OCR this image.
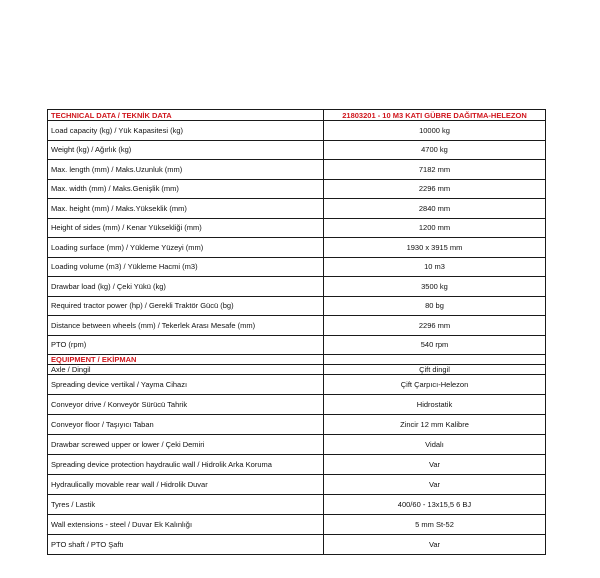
TECHNICAL DATA / TEKNİK DATA	21803201 - 10 M3 KATI GÜBRE DAĞITMA-HELEZON
Load capacity (kg) / Yük Kapasitesi (kg)	10000 kg
Weight (kg) / Ağırlık (kg)	4700 kg
Max. length (mm) / Maks.Uzunluk (mm)	7182 mm
Max. width (mm) / Maks.Genişlik (mm)	2296 mm
Max. height (mm) / Maks.Yükseklik (mm)	2840 mm
Height of sides (mm) / Kenar Yüksekliği (mm)	1200 mm
Loading surface (mm) / Yükleme Yüzeyi (mm)	1930 x 3915 mm
Loading volume (m3) / Yükleme Hacmi (m3)	10 m3
Drawbar load (kg) / Çeki Yükü (kg)	3500 kg
Required tractor power (hp) / Gerekli Traktör Gücü (bg)	80 bg
Distance between wheels (mm) / Tekerlek Arası Mesafe (mm)	2296 mm
PTO (rpm)	540 rpm
EQUIPMENT / EKİPMAN	
Axle / Dingil	Çift dingil
Spreading device vertikal / Yayma Cihazı	Çift Çarpıcı-Helezon
Conveyor drive / Konveyör Sürücü Tahrik	Hidrostatik
Conveyor floor / Taşıyıcı Taban	Zincir 12 mm Kalibre
Drawbar screwed upper or lower / Çeki Demiri	Vidalı
Spreading device protection haydraulic wall / Hidrolik Arka Koruma	Var
Hydraulically movable rear wall / Hidrolik Duvar	Var
Tyres / Lastik	400/60 - 13x15,5 6 BJ
Wall extensions - steel / Duvar Ek Kalınlığı	5 mm St-52
PTO shaft / PTO Şaftı	Var
